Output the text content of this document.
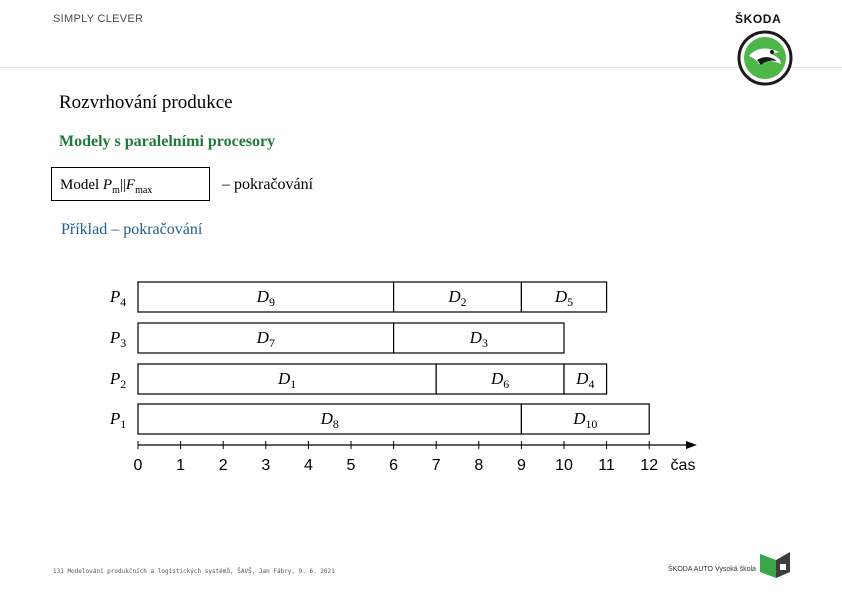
SIMPLY CLEVER	ŠKODA
Rozvrhování produkce
Modely s paralelními procesory
Model $P_m||F_{max}$	– pokračování
Příklad – pokračování
$P_4$	$D_9$	$D_2$	$D_5$
$P_3$	$D_7$	$D_3$
$P_2$	$D_1$	$D_6$	$D_4$
$P_1$	$D_8$	$D_{10}$
0 1 2 3 4 5 6 7 8 9 10 11 12 čas
131 Modelování produkčních a logistických systémů, ŠAVŠ, Jan Fábry, 9. 6. 2021	ŠKODA AUTO Vysoká škola
